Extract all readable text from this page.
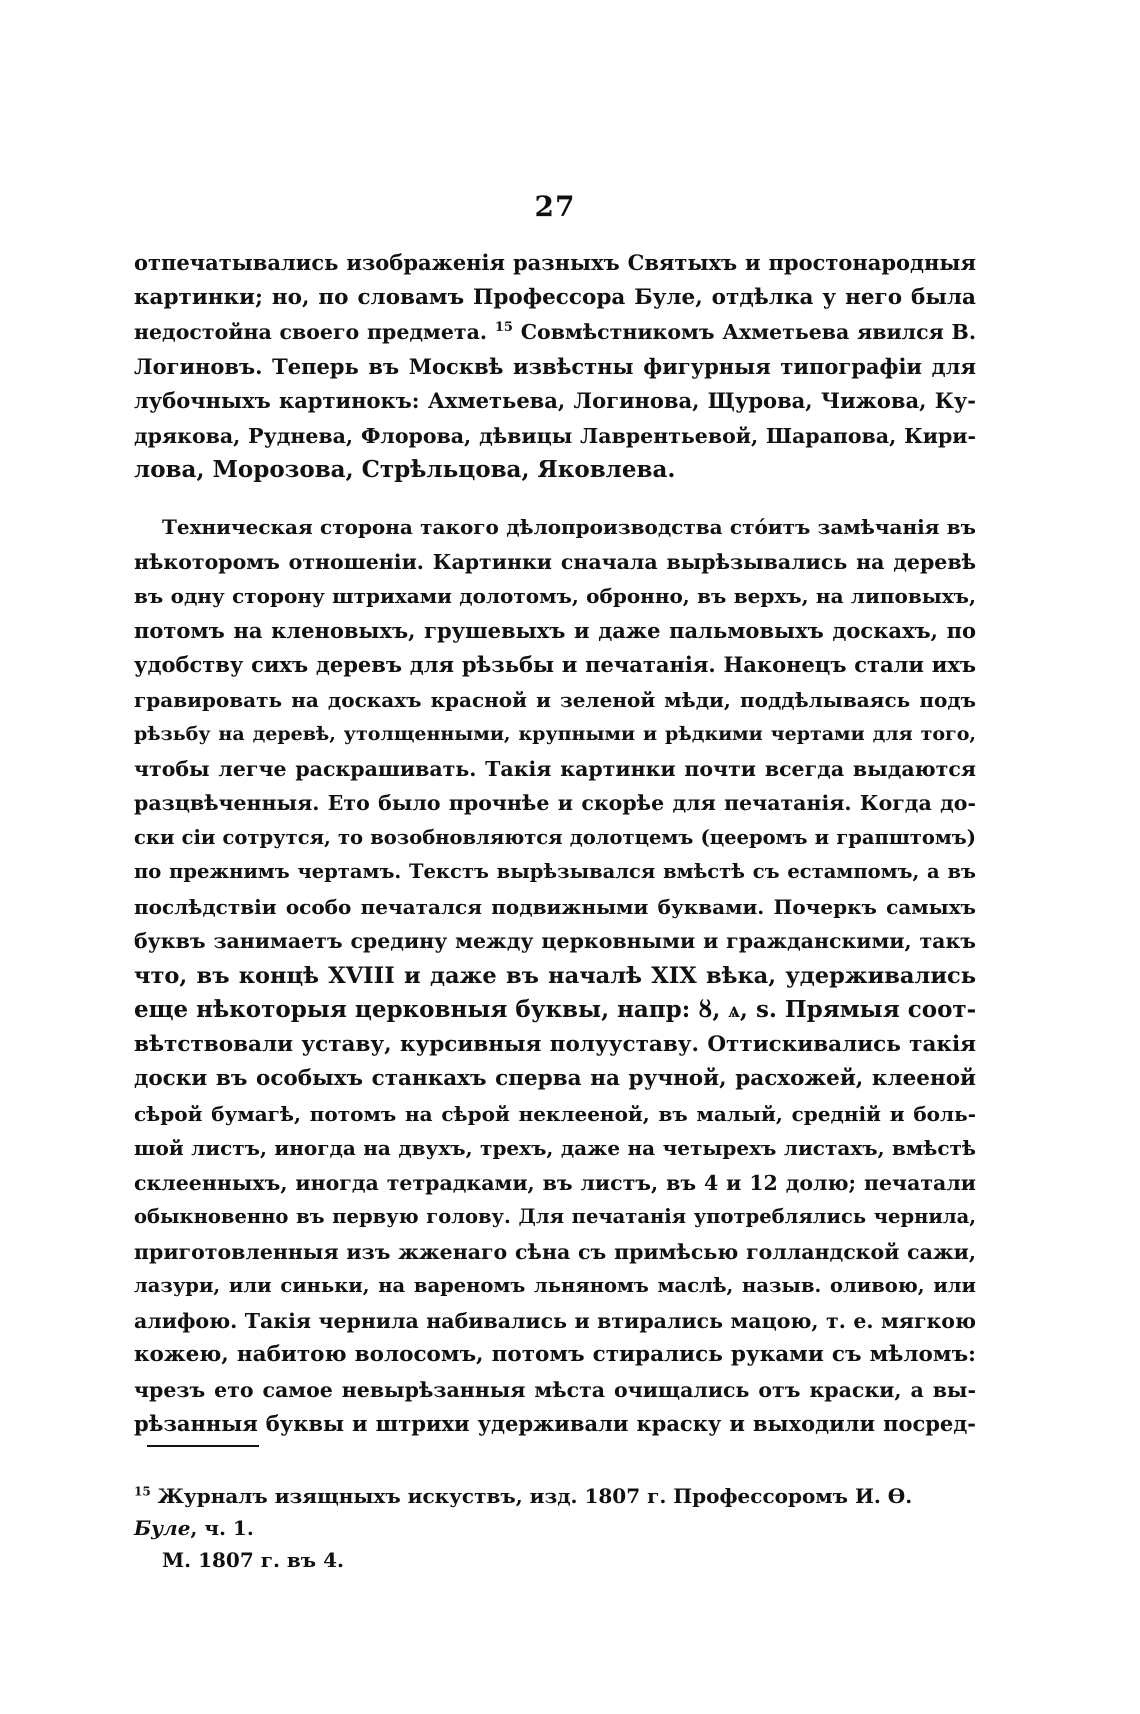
27
отпечатывались изображенія разныхъ Святыхъ и простонародныя
картинки; но, по словамъ Профессора Буле, отдѣлка у него была
недостойна своего предмета. $^{15}$ Совмѣстникомъ Ахметьева явился В.
Логиновъ. Теперь въ Москвѣ извѣстны фигурныя типографіи для
лубочныхъ картинокъ: Ахметьева, Логинова, Щурова, Чижова, Ку-
дрякова, Руднева, Флорова, дѣвицы Лаврентьевой, Шарапова, Кири-
лова, Морозова, Стрѣльцова, Яковлева.
Техническая сторона такого дѣлопроизводства стóитъ замѣчанія въ
нѣкоторомъ отношеніи. Картинки сначала вырѣзывались на деревѣ
въ одну сторону штрихами долотомъ, обронно, въ верхъ, на липовыхъ,
потомъ на кленовыхъ, грушевыхъ и даже пальмовыхъ доскахъ, по
удобству сихъ деревъ для рѣзьбы и печатанія. Наконецъ стали ихъ
гравировать на доскахъ красной и зеленой мѣди, поддѣлываясь подъ
рѣзьбу на деревѣ, утолщенными, крупными и рѣдкими чертами для того,
чтобы легче раскрашивать. Такія картинки почти всегда выдаются
разцвѣченныя. Ето было прочнѣе и скорѣе для печатанія. Когда до-
ски сіи сотрутся, то возобновляются долотцемъ (цееромъ и грапштомъ)
по прежнимъ чертамъ. Текстъ вырѣзывался вмѣстѣ съ естампомъ, а въ
послѣдствіи особо печатался подвижными буквами. Почеркъ самыхъ
буквъ занимаетъ средину между церковными и гражданскими, такъ
что, въ концѣ XVIII и даже въ началѣ XIX вѣка, удерживались
еще нѣкоторыя церковныя буквы, напр: ȣ, ѧ, ѕ. Прямыя соот-
вѣтствовали уставу, курсивныя полууставу. Оттискивались такія
доски въ особыхъ станкахъ сперва на ручной, расхожей, клееной
сѣрой бумагѣ, потомъ на сѣрой неклееной, въ малый, средній и боль-
шой листъ, иногда на двухъ, трехъ, даже на четырехъ листахъ, вмѣстѣ
склеенныхъ, иногда тетрадками, въ листъ, въ 4 и 12 долю; печатали
обыкновенно въ первую голову. Для печатанія употреблялись чернила,
приготовленныя изъ жженаго сѣна съ примѣсью голландской сажи,
лазури, или синьки, на вареномъ льняномъ маслѣ, назыв. оливою, или
алифою. Такія чернила набивались и втирались мацою, т. е. мягкою
кожею, набитою волосомъ, потомъ стирались руками съ мѣломъ:
чрезъ ето самое невырѣзанныя мѣста очищались отъ краски, а вы-
рѣзанныя буквы и штрихи удерживали краску и выходили посред-
$^{15}$ Журналъ изящныхъ искуствъ, изд. 1807 г. Профессоромъ И. Ѳ. Буле, ч. 1.
М. 1807 г. въ 4.
